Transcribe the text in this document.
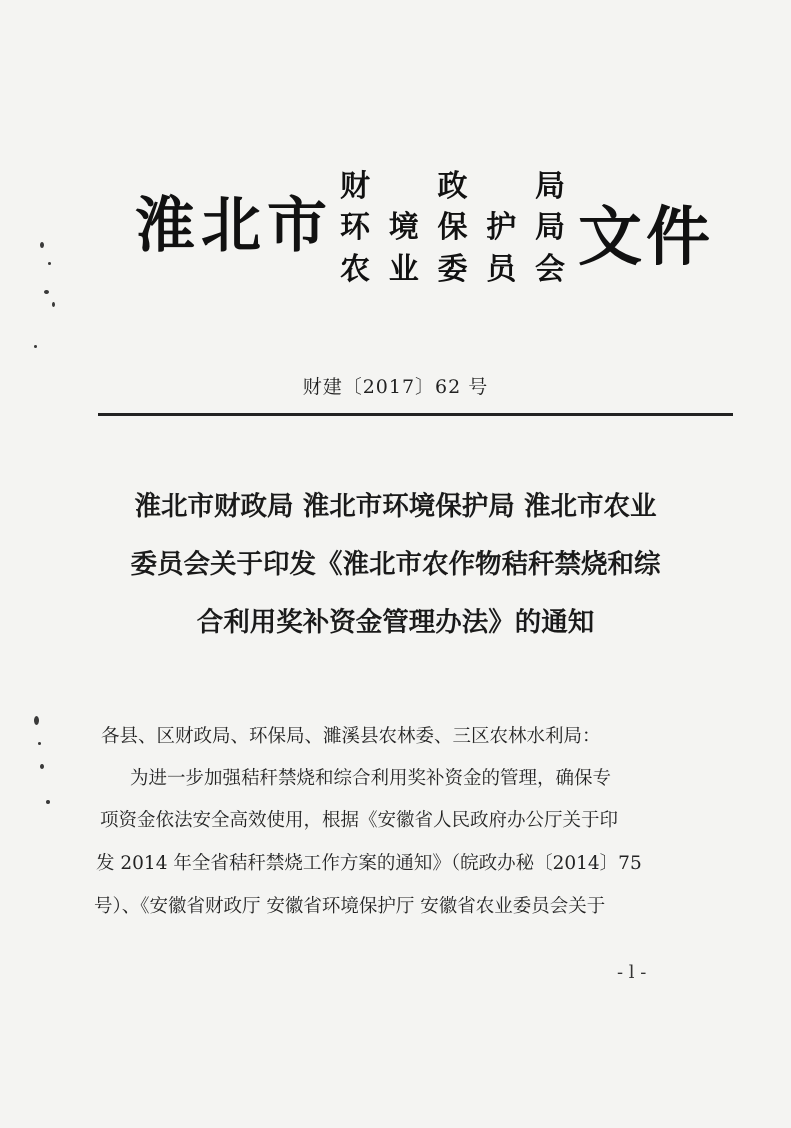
淮北市
财政局
环境保护局
农业委员会 文件
财建〔2017〕62 号
淮北市财政局 淮北市环境保护局 淮北市农业
委员会关于印发《淮北市农作物秸秆禁烧和综
合利用奖补资金管理办法》的通知
各县、区财政局、环保局、濉溪县农林委、三区农林水利局：
为进一步加强秸秆禁烧和综合利用奖补资金的管理，确保专
项资金依法安全高效使用，根据《安徽省人民政府办公厅关于印
发 2014 年全省秸秆禁烧工作方案的通知》（皖政办秘〔2014〕75
号）、《安徽省财政厅 安徽省环境保护厅 安徽省农业委员会关于
- l -
